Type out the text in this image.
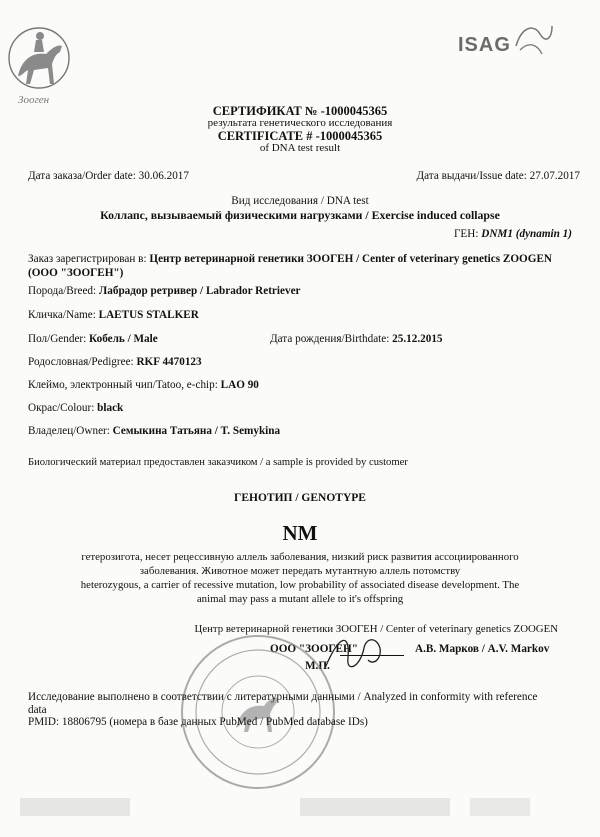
Зооген
ISAG
СЕРТИФИКАТ № -1000045365
результата генетического исследования
CERTIFICATE # -1000045365
of DNA test result
Дата заказа/Order date: 30.06.2017	Дата выдачи/Issue date: 27.07.2017
Вид исследования / DNA test
Коллапс, вызываемый физическими нагрузками / Exercise induced collapse
ГЕН: DNM1 (dynamin 1)
Заказ зарегистрирован в: Центр ветеринарной генетики ЗООГЕН / Center of veterinary genetics ZOOGEN (ООО "ЗООГЕН")
Порода/Breed: Лабрадор ретривер / Labrador Retriever
Кличка/Name: LAETUS STALKER
Пол/Gender: Кобель / Male	Дата рождения/Birthdate: 25.12.2015
Родословная/Pedigree: RKF 4470123
Клеймо, электронный чип/Tatoo, e-chip: LAO 90
Окрас/Colour: black
Владелец/Owner: Семыкина Татьяна / T. Semykina
Биологический материал предоставлен заказчиком / a sample is provided by customer
ГЕНОТИП / GENOTYPE
NM
гетерозигота, несет рецессивную аллель заболевания, низкий риск развития ассоциированного
заболевания. Животное может передать мутантную аллель потомству
heterozygous, a carrier of recessive mutation, low probability of associated disease development. The
animal may pass a mutant allele to it's offspring
Центр ветеринарной генетики ЗООГЕН / Center of veterinary genetics ZOOGEN
ООО "ЗООГЕН"	А.В. Марков / A.V. Markov
М.П.
Исследование выполнено в соответствии с литературными данными / Analyzed in conformity with reference data
PMID: 18806795 (номера в базе данных PubMed / PubMed database IDs)
